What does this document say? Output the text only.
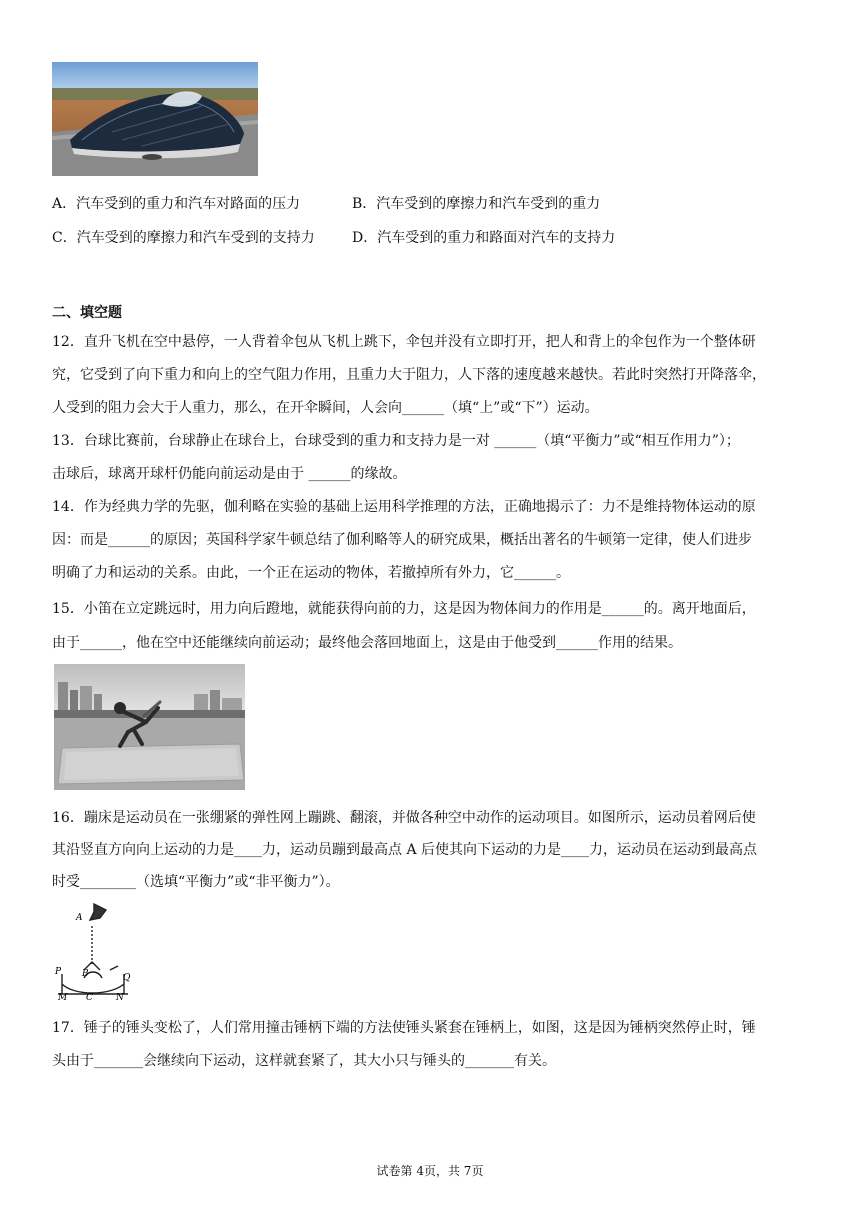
A．汽车受到的重力和汽车对路面的压力	B．汽车受到的摩擦力和汽车受到的重力
C．汽车受到的摩擦力和汽车受到的支持力	D．汽车受到的重力和路面对汽车的支持力
二、填空题
12．直升飞机在空中悬停，一人背着伞包从飞机上跳下，伞包并没有立即打开，把人和背上的伞包作为一个整体研
究，它受到了向下重力和向上的空气阻力作用，且重力大于阻力，人下落的速度越来越快。若此时突然打开降落伞，
人受到的阻力会大于人重力，那么，在开伞瞬间，人会向______（填“上”或“下”）运动。
13．台球比赛前，台球静止在球台上，台球受到的重力和支持力是一对 ______（填“平衡力”或“相互作用力”）；
击球后，球离开球杆仍能向前运动是由于 ______的缘故。
14．作为经典力学的先驱，伽利略在实验的基础上运用科学推理的方法，正确地揭示了：力不是维持物体运动的原
因：而是______的原因；英国科学家牛顿总结了伽利略等人的研究成果，概括出著名的牛顿第一定律，使人们进步
明确了力和运动的关系。由此，一个正在运动的物体，若撤掉所有外力，它______。
15．小笛在立定跳远时，用力向后蹬地，就能获得向前的力，这是因为物体间力的作用是______的。离开地面后，
由于______，他在空中还能继续向前运动；最终他会落回地面上，这是由于他受到______作用的结果。
16．蹦床是运动员在一张绷紧的弹性网上蹦跳、翻滚，并做各种空中动作的运动项目。如图所示，运动员着网后使
其沿竖直方向向上运动的力是____力，运动员蹦到最高点 A 后使其向下运动的力是____力，运动员在运动到最高点
时受________（选填“平衡力”或“非平衡力”）。
A
B
C
P
Q
M	N
17．锤子的锤头变松了，人们常用撞击锤柄下端的方法使锤头紧套在锤柄上，如图，这是因为锤柄突然停止时，锤
头由于_______会继续向下运动，这样就套紧了，其大小只与锤头的_______有关。
试卷第 4页，共 7页
